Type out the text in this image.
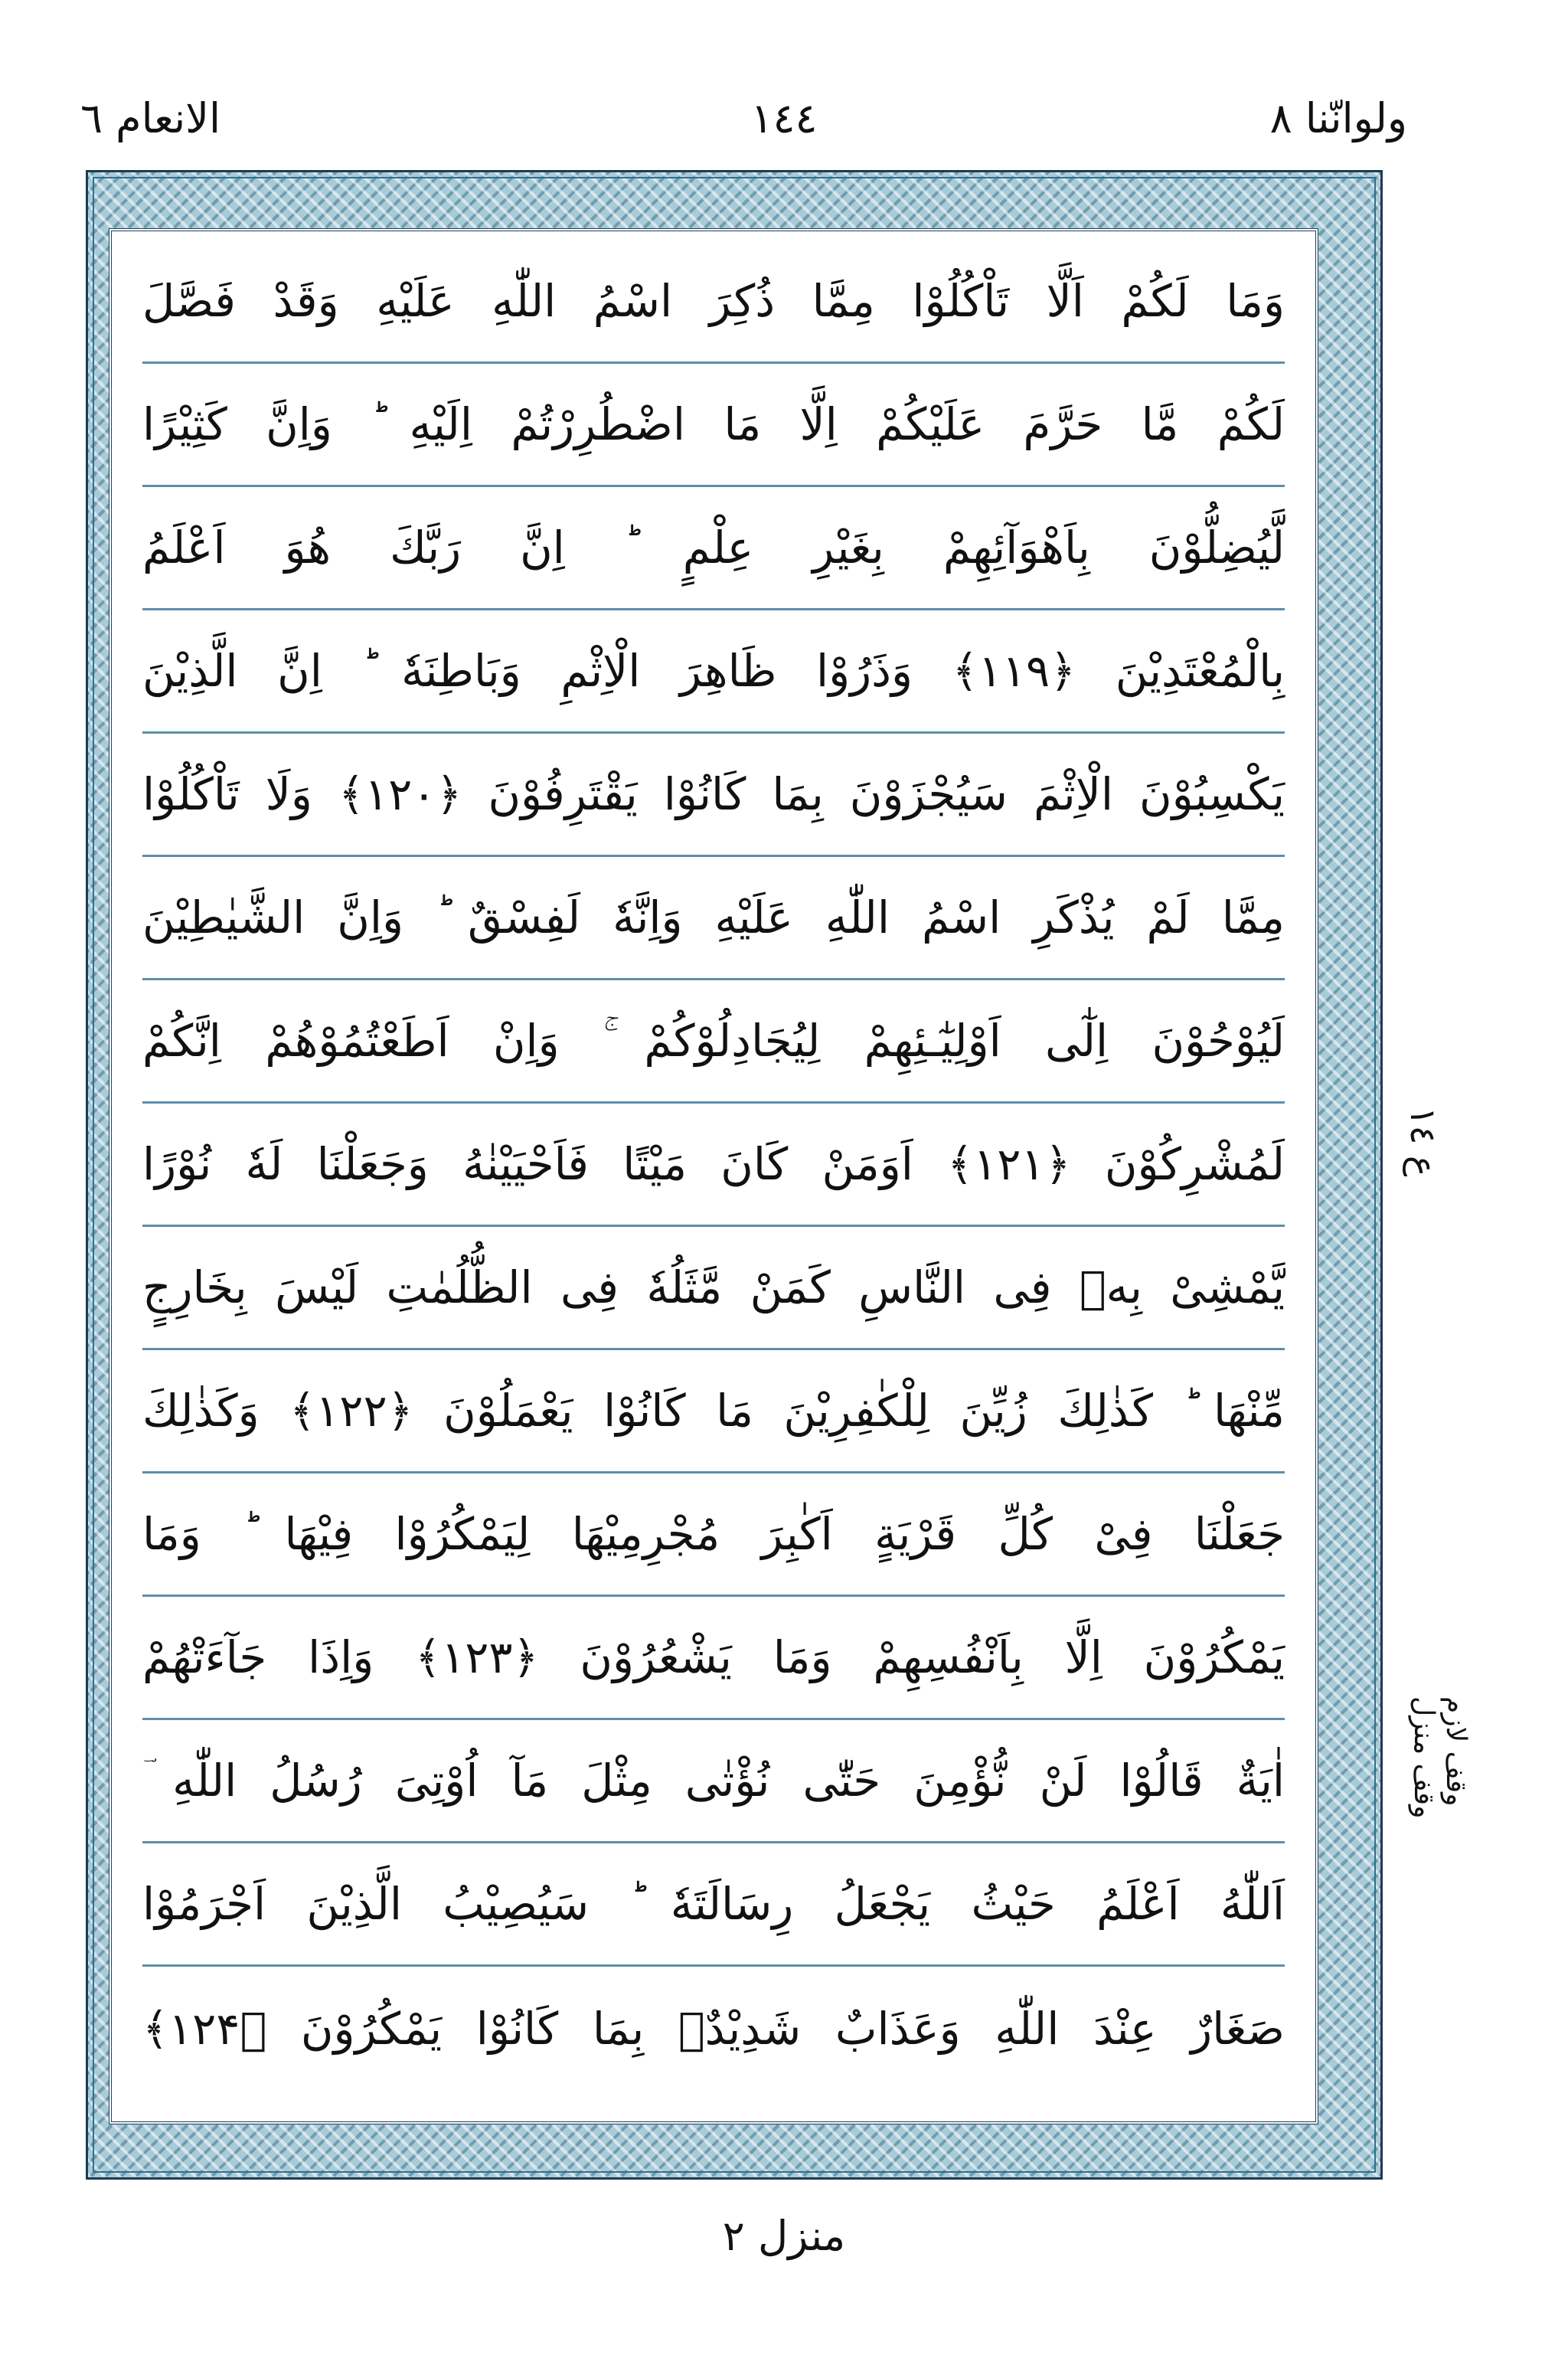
الانعام ٦	١٤٤	ولوانّنا ٨
وَمَا لَكُمْ اَلَّا تَاْكُلُوْا مِمَّا ذُكِرَ اسْمُ اللّٰهِ عَلَيْهِ وَقَدْ فَصَّلَ
لَكُمْ مَّا حَرَّمَ عَلَيْكُمْ اِلَّا مَا اضْطُرِرْتُمْ اِلَيْهِ ؕ وَاِنَّ كَثِيْرًا
لَّيُضِلُّوْنَ بِاَهْوَآئِهِمْ بِغَيْرِ عِلْمٍ ؕ اِنَّ رَبَّكَ هُوَ اَعْلَمُ
بِالْمُعْتَدِيْنَ ﴿۱۱۹﴾ وَذَرُوْا ظَاهِرَ الْاِثْمِ وَبَاطِنَهٗ ؕ اِنَّ الَّذِيْنَ
يَكْسِبُوْنَ الْاِثْمَ سَيُجْزَوْنَ بِمَا كَانُوْا يَقْتَرِفُوْنَ ﴿۱۲۰﴾ وَلَا تَاْكُلُوْا
مِمَّا لَمْ يُذْكَرِ اسْمُ اللّٰهِ عَلَيْهِ وَاِنَّهٗ لَفِسْقٌ ؕ وَاِنَّ الشَّيٰطِيْنَ
لَيُوْحُوْنَ اِلٰٓى اَوْلِيٰٓـئِهِمْ لِيُجَادِلُوْكُمْ ۚ وَاِنْ اَطَعْتُمُوْهُمْ اِنَّكُمْ
لَمُشْرِكُوْنَ ﴿۱۲۱﴾ اَوَمَنْ كَانَ مَيْتًا فَاَحْيَيْنٰهُ وَجَعَلْنَا لَهٗ نُوْرًا
يَّمْشِىْ بِهٖ فِى النَّاسِ كَمَنْ مَّثَلُهٗ فِى الظُّلُمٰتِ لَيْسَ بِخَارِجٍ
مِّنْهَا ؕ كَذٰلِكَ زُيِّنَ لِلْكٰفِرِيْنَ مَا كَانُوْا يَعْمَلُوْنَ ﴿۱۲۲﴾ وَكَذٰلِكَ
جَعَلْنَا فِىْ كُلِّ قَرْيَةٍ اَكٰبِرَ مُجْرِمِيْهَا لِيَمْكُرُوْا فِيْهَا ؕ وَمَا
يَمْكُرُوْنَ اِلَّا بِاَنْفُسِهِمْ وَمَا يَشْعُرُوْنَ ﴿۱۲۳﴾ وَاِذَا جَآءَتْهُمْ
اٰيَةٌ قَالُوْا لَنْ نُّؤْمِنَ حَتّٰى نُؤْتٰى مِثْلَ مَآ اُوْتِىَ رُسُلُ اللّٰهِ ؔ
اَللّٰهُ اَعْلَمُ حَيْثُ يَجْعَلُ رِسَالَتَهٗ ؕ سَيُصِيْبُ الَّذِيْنَ اَجْرَمُوْا
صَغَارٌ عِنْدَ اللّٰهِ وَعَذَابٌ شَدِيْدٌۢ بِمَا كَانُوْا يَمْكُرُوْنَ ﴿۱۲۴﴾
ع ١٤
وقف لازم
وقف منزل
منزل ٢
